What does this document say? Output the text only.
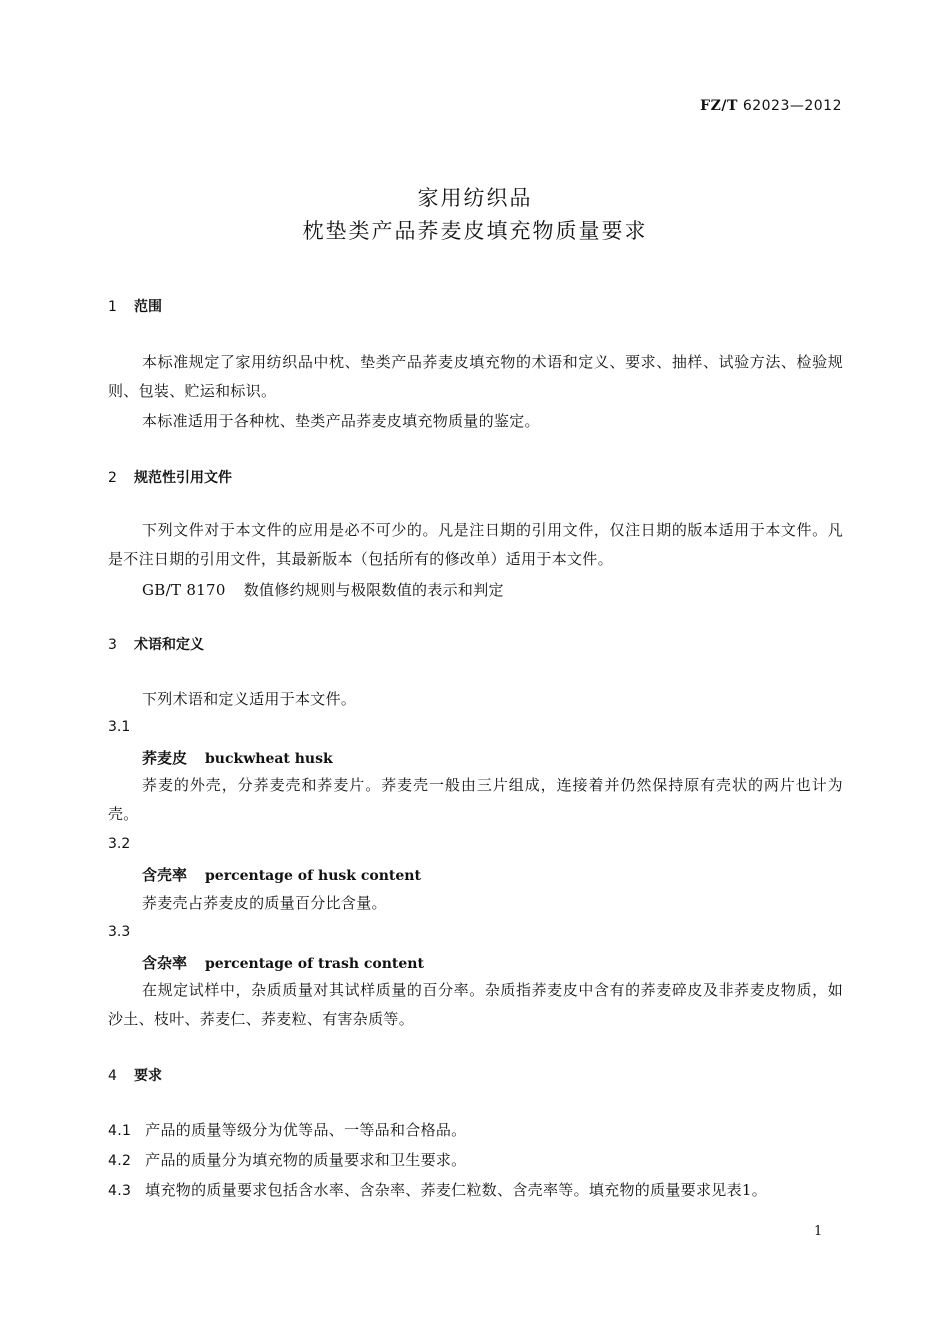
FZ/T 62023—2012
家用纺织品
枕垫类产品荞麦皮填充物质量要求
1 范围
本标准规定了家用纺织品中枕、垫类产品荞麦皮填充物的术语和定义、要求、抽样、试验方法、检验规则、包装、贮运和标识。
本标准适用于各种枕、垫类产品荞麦皮填充物质量的鉴定。
2 规范性引用文件
下列文件对于本文件的应用是必不可少的。凡是注日期的引用文件，仅注日期的版本适用于本文件。凡是不注日期的引用文件，其最新版本（包括所有的修改单）适用于本文件。
GB/T 8170 数值修约规则与极限数值的表示和判定
3 术语和定义
下列术语和定义适用于本文件。
3.1
荞麦皮 buckwheat husk
荞麦的外壳，分荞麦壳和荞麦片。荞麦壳一般由三片组成，连接着并仍然保持原有壳状的两片也计为壳。
3.2
含壳率 percentage of husk content
荞麦壳占荞麦皮的质量百分比含量。
3.3
含杂率 percentage of trash content
在规定试样中，杂质质量对其试样质量的百分率。杂质指荞麦皮中含有的荞麦碎皮及非荞麦皮物质，如沙土、枝叶、荞麦仁、荞麦粒、有害杂质等。
4 要求
4.1 产品的质量等级分为优等品、一等品和合格品。
4.2 产品的质量分为填充物的质量要求和卫生要求。
4.3 填充物的质量要求包括含水率、含杂率、荞麦仁粒数、含壳率等。填充物的质量要求见表1。
1
